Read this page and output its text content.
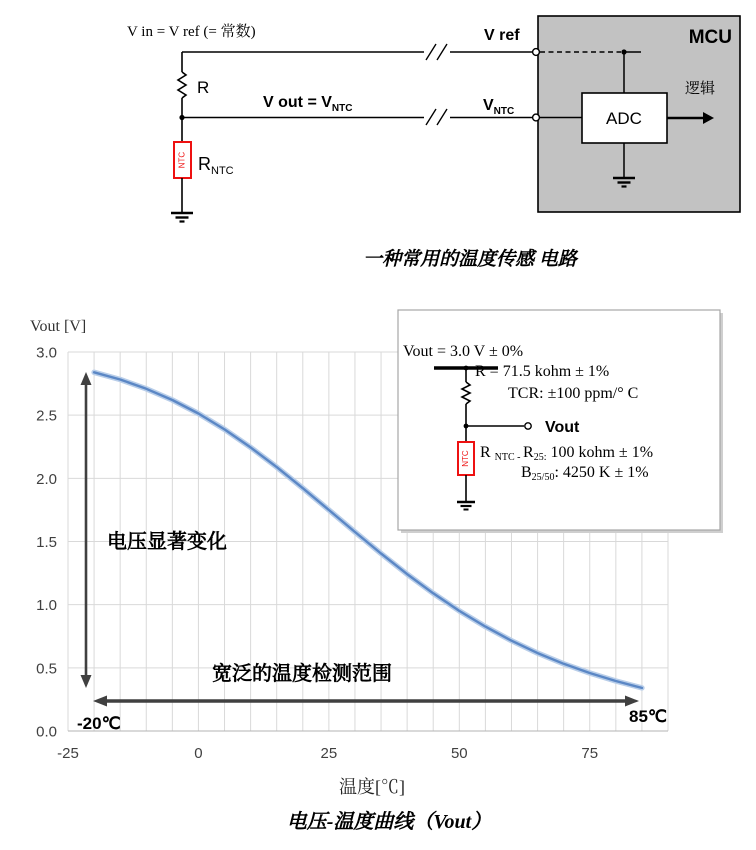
MCU
R
NTC $R_{NTC}$
V in = V ref (= 常数)
V out = $V_{NTC}$
V ref
$V_{NTC}$	ADC
逻辑
一种常用的温度传感 电路
0.0
0.5
1.0
1.5
2.0
2.5
3.0
-25	0	25	50	75
电压显著变化
宽泛的温度检测范围
-20℃	85℃
Vout [V]
温度[℃]
电压-温度曲线（Vout）
Vout = 3.0 V ± 0%
Vout
NTC
R = 71.5 kohm ± 1%
TCR: ±100 ppm/° C
R NTC - R25: 100 kohm ± 1%
B25/50: 4250 K ± 1%
